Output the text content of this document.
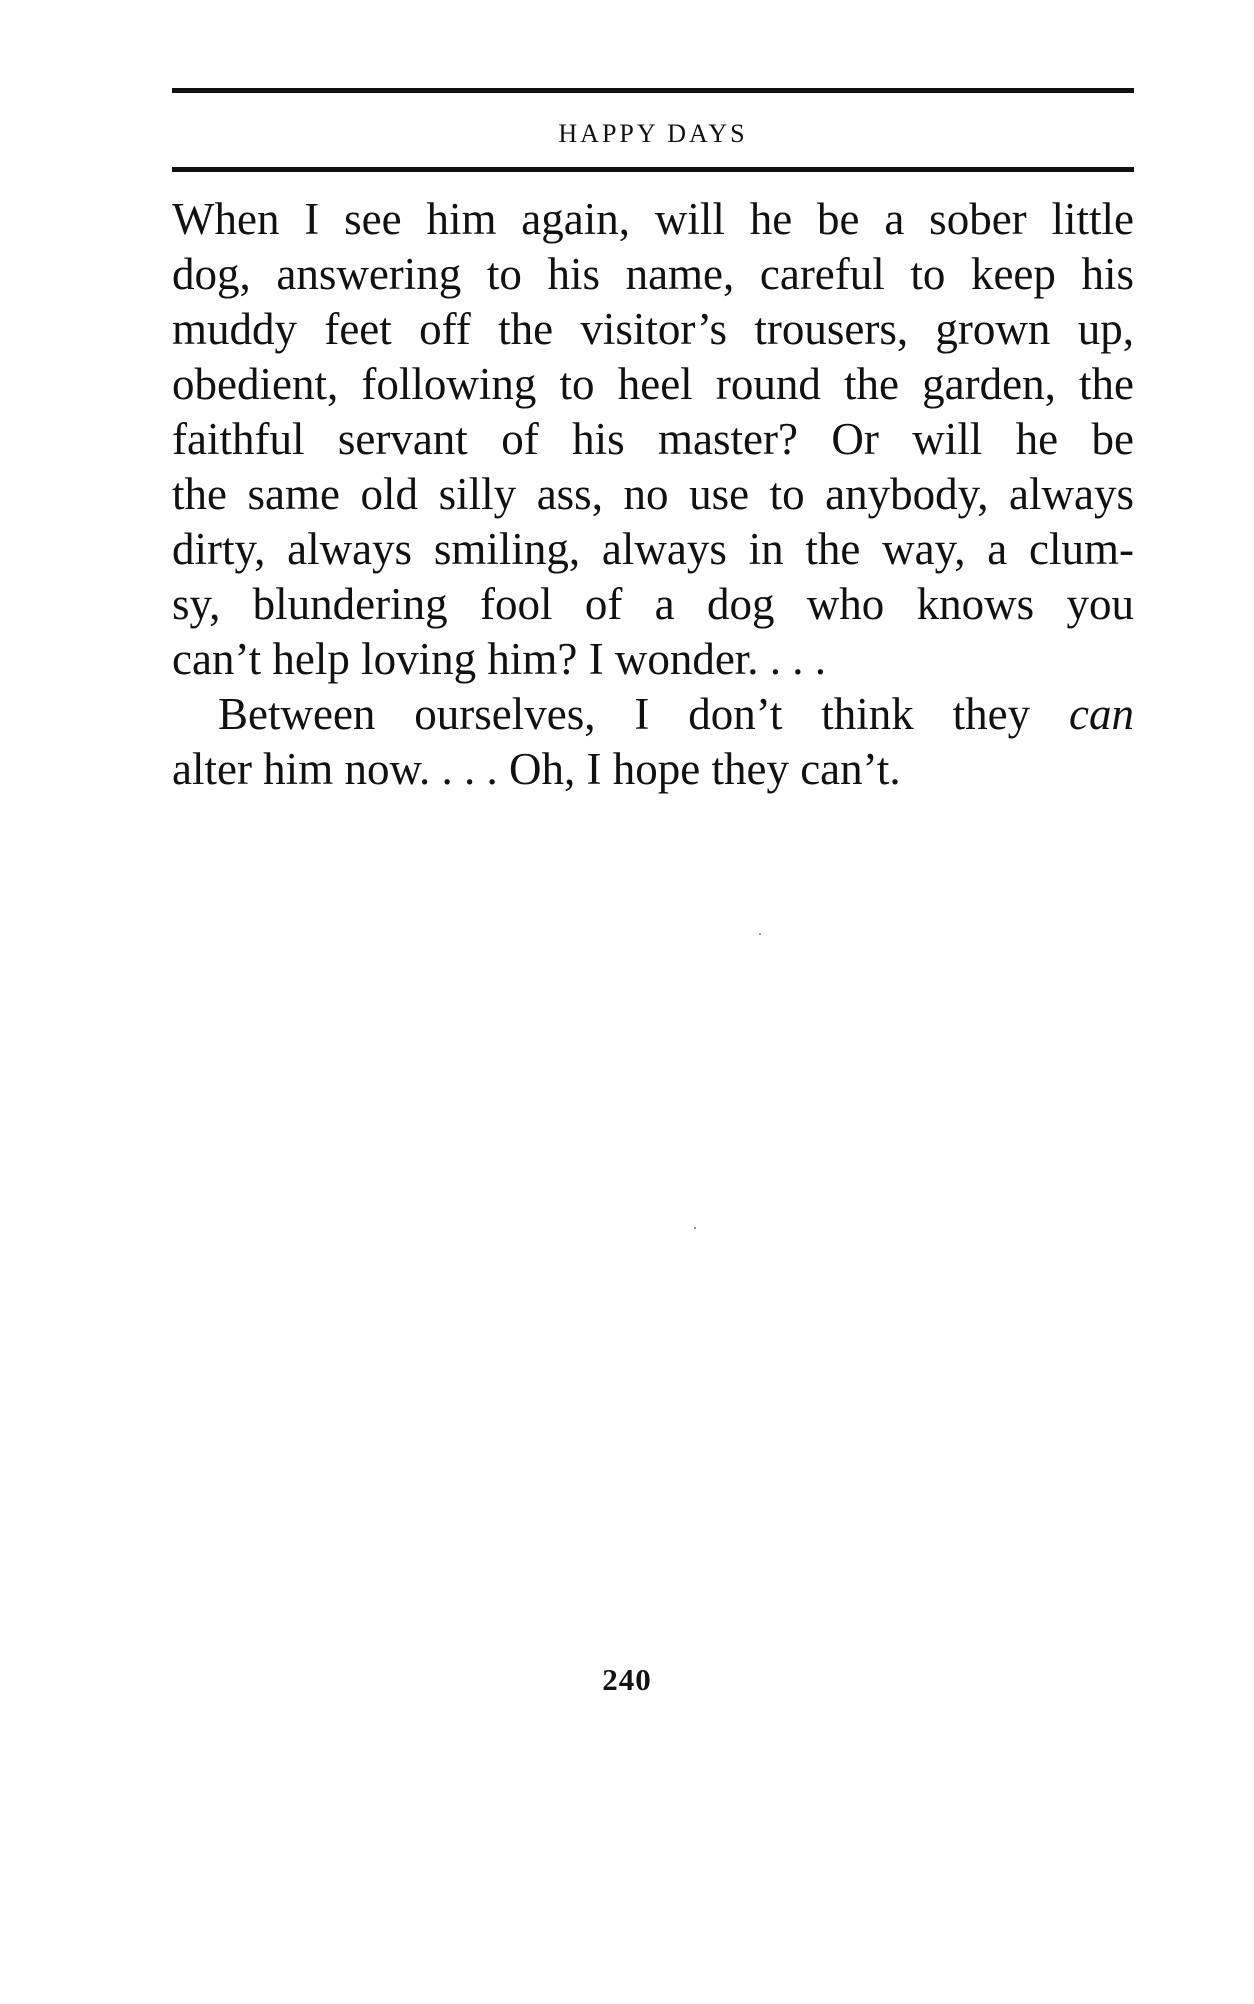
HAPPY DAYS
When I see him again, will he be a sober little
dog, answering to his name, careful to keep his
muddy feet off the visitor’s trousers, grown up,
obedient, following to heel round the garden, the
faithful servant of his master? Or will he be
the same old silly ass, no use to anybody, always
dirty, always smiling, always in the way, a clum-
sy, blundering fool of a dog who knows you
can’t help loving him? I wonder. . . .
Between ourselves, I don’t think they can
alter him now. . . . Oh, I hope they can’t.
240
